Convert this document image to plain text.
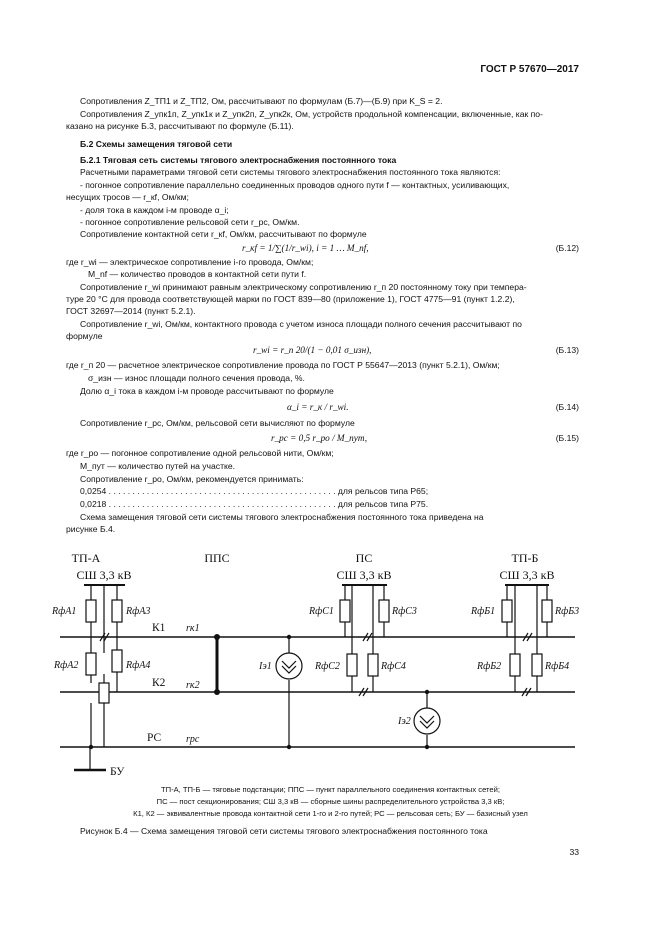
ГОСТ Р 57670—2017
Сопротивления Z_ТП1 и Z_ТП2, Ом, рассчитывают по формулам (Б.7)—(Б.9) при K_S = 2.
Сопротивления Z_упк1п, Z_упк1к и Z_упк2п, Z_упк2к, Ом, устройств продольной компенсации, включенные, как по-
казано на рисунке Б.3, рассчитывают по формуле (Б.11).
Б.2 Схемы замещения тяговой сети
Б.2.1 Тяговая сеть системы тягового электроснабжения постоянного тока
Расчетными параметрами тяговой сети системы тягового электроснабжения постоянного тока являются:
- погонное сопротивление параллельно соединенных проводов одного пути f — контактных, усиливающих,
несущих тросов — r_кf, Ом/км;
- доля тока в каждом i-м проводе α_i;
- погонное сопротивление рельсовой сети r_рс, Ом/км.
Сопротивление контактной сети r_кf, Ом/км, рассчитывают по формуле
r_кf = 1/∑(1/r_wi), i = 1 … M_nf,	(Б.12)
где r_wi — электрическое сопротивление i-го провода, Ом/км;
M_nf — количество проводов в контактной сети пути f.
Сопротивление r_wi принимают равным электрическому сопротивлению r_п 20 постоянному току при темпера-
туре 20 °С для провода соответствующей марки по ГОСТ 839—80 (приложение 1), ГОСТ 4775—91 (пункт 1.2.2),
ГОСТ 32697—2014 (пункт 5.2.1).
Сопротивление r_wi, Ом/км, контактного провода с учетом износа площади полного сечения рассчитывают по
формуле
r_wi = r_п 20/(1 − 0,01 σ_изн),	(Б.13)
где r_п 20 — расчетное электрическое сопротивление провода по ГОСТ Р 55647—2013 (пункт 5.2.1), Ом/км;
σ_изн — износ площади полного сечения провода, %.
Долю α_i тока в каждом i-м проводе рассчитывают по формуле
α_i = r_к / r_wi.	(Б.14)
Сопротивление r_рс, Ом/км, рельсовой сети вычисляют по формуле
r_рс = 0,5 r_ро / M_пут,	(Б.15)
где r_ро — погонное сопротивление одной рельсовой нити, Ом/км;
M_пут — количество путей на участке.
Сопротивление r_ро, Ом/км, рекомендуется принимать:
0,0254 . . . . . . . . . . . . . . . . . . . . . . . . . . . . . . . . . . . . . . . . . . . . . . . . для рельсов типа Р65;
0,0218 . . . . . . . . . . . . . . . . . . . . . . . . . . . . . . . . . . . . . . . . . . . . . . . . для рельсов типа Р75.
Схема замещения тяговой сети системы тягового электроснабжения постоянного тока приведена на
рисунке Б.4.
ТП-А	ППС	ПС	ТП-Б
СШ 3,3 кВ	СШ 3,3 кВ	СШ 3,3 кВ
К1
К2
РС
БУ
rк1
rк2
rрс
Iэ1
Iэ2
RфА1
RфА2
RфА3
RфА4
RфС1
RфС2
RфС3
RфС4
RфБ1
RфБ2
RфБ3
RфБ4
ТП-А, ТП-Б — тяговые подстанции; ППС — пункт параллельного соединения контактных сетей;
ПС — пост секционирования; СШ 3,3 кВ — сборные шины распределительного устройства 3,3 кВ;
К1, К2 — эквивалентные провода контактной сети 1-го и 2-го путей; РС — рельсовая сеть; БУ — базисный узел
Рисунок Б.4 — Схема замещения тяговой сети системы тягового электроснабжения постоянного тока
33
